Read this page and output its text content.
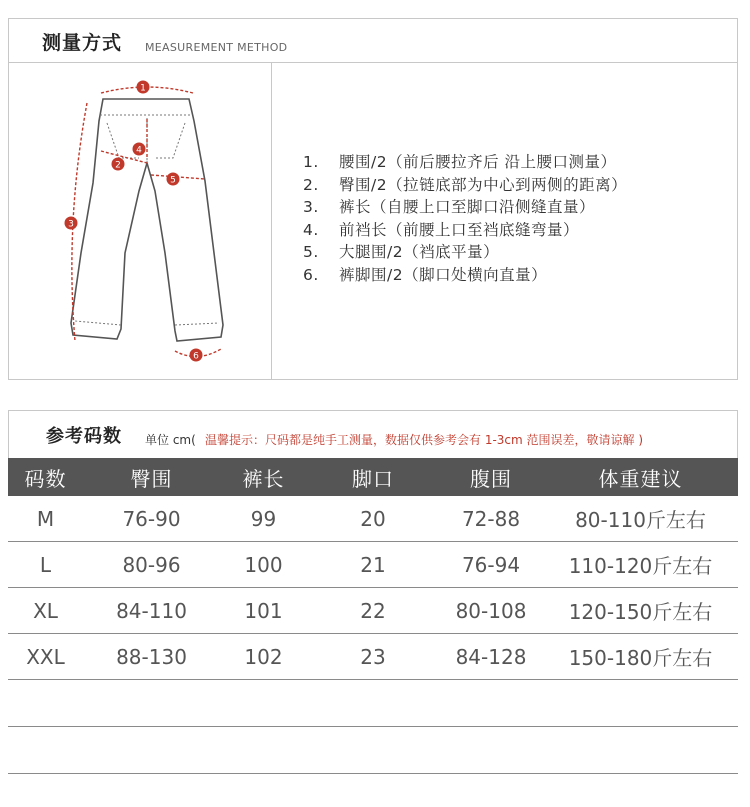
测量方式 MEASUREMENT METHOD
1
2
3
4
5
6
1. 腰围/2（前后腰拉齐后 沿上腰口测量）
2. 臀围/2（拉链底部为中心到两侧的距离）
3. 裤长（自腰上口至脚口沿侧缝直量）
4. 前裆长（前腰上口至裆底缝弯量）
5. 大腿围/2（裆底平量）
6. 裤脚围/2（脚口处横向直量）
参考码数 单位 cm( 温馨提示：尺码都是纯手工测量，数据仅供参考会有 1-3cm 范围误差，敬请谅解 )
码数	臀围	裤长	脚口	腹围	体重建议
M	76-90	99	20	72-88	80-110斤左右
L	80-96	100	21	76-94	110-120斤左右
XL	84-110	101	22	80-108	120-150斤左右
XXL	88-130	102	23	84-128	150-180斤左右
